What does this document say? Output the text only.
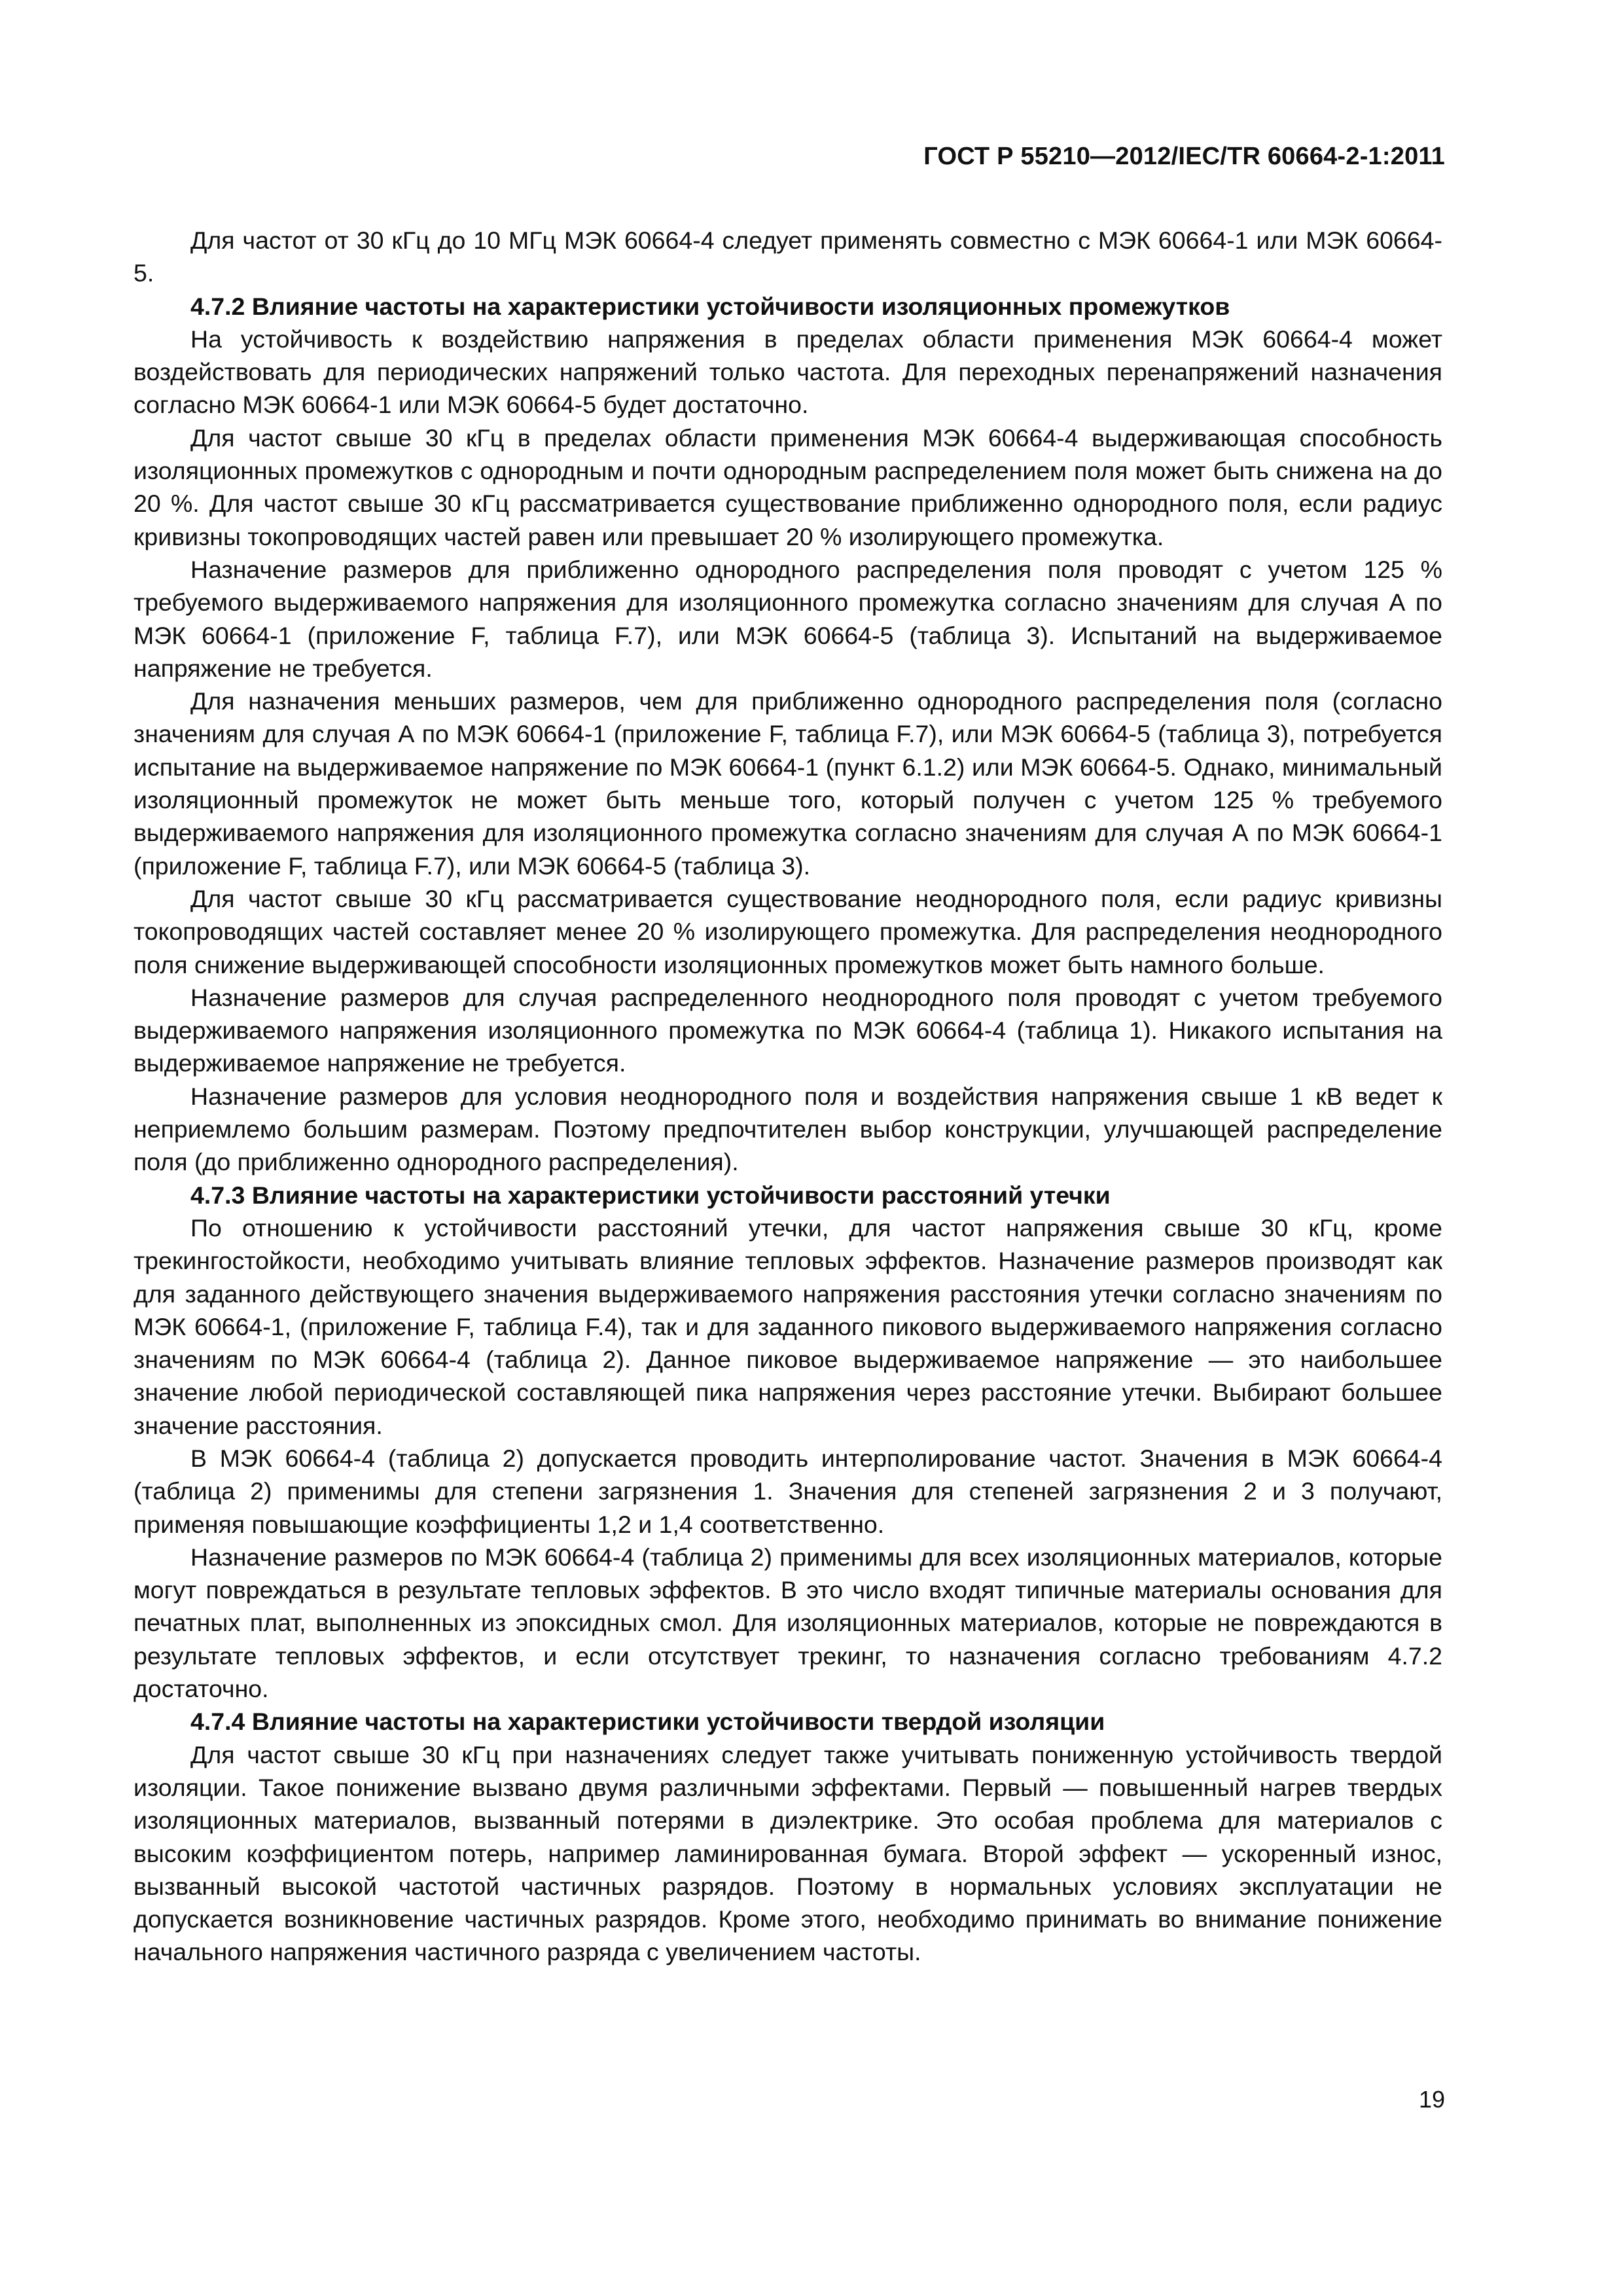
ГОСТ Р 55210—2012/IEC/TR 60664-2-1:2011

Для частот от 30 кГц до 10 МГц МЭК 60664-4 следует применять совместно с МЭК 60664-1 или МЭК 60664-5.

4.7.2 Влияние частоты на характеристики устойчивости изоляционных промежутков

На устойчивость к воздействию напряжения в пределах области применения МЭК 60664-4 может воздействовать для периодических напряжений только частота. Для переходных перенапряжений назначения согласно МЭК 60664-1 или МЭК 60664-5 будет достаточно.

Для частот свыше 30 кГц в пределах области применения МЭК 60664-4 выдерживающая способность изоляционных промежутков с однородным и почти однородным распределением поля может быть снижена на до 20 %. Для частот свыше 30 кГц рассматривается существование приближенно однородного поля, если радиус кривизны токопроводящих частей равен или превышает 20 % изолирующего промежутка.

Назначение размеров для приближенно однородного распределения поля проводят с учетом 125 % требуемого выдерживаемого напряжения для изоляционного промежутка согласно значениям для случая А по МЭК 60664-1 (приложение F, таблица F.7), или МЭК 60664-5 (таблица 3). Испытаний на выдерживаемое напряжение не требуется.

Для назначения меньших размеров, чем для приближенно однородного распределения поля (согласно значениям для случая А по МЭК 60664-1 (приложение F, таблица F.7), или МЭК 60664-5 (таблица 3), потребуется испытание на выдерживаемое напряжение по МЭК 60664-1 (пункт 6.1.2) или МЭК 60664-5. Однако, минимальный изоляционный промежуток не может быть меньше того, который получен с учетом 125 % требуемого выдерживаемого напряжения для изоляционного промежутка согласно значениям для случая А по МЭК 60664-1 (приложение F, таблица F.7), или МЭК 60664-5 (таблица 3).

Для частот свыше 30 кГц рассматривается существование неоднородного поля, если радиус кривизны токопроводящих частей составляет менее 20 % изолирующего промежутка. Для распределения неоднородного поля снижение выдерживающей способности изоляционных промежутков может быть намного больше.

Назначение размеров для случая распределенного неоднородного поля проводят с учетом требуемого выдерживаемого напряжения изоляционного промежутка по МЭК 60664-4 (таблица 1). Никакого испытания на выдерживаемое напряжение не требуется.

Назначение размеров для условия неоднородного поля и воздействия напряжения свыше 1 кВ ведет к неприемлемо большим размерам. Поэтому предпочтителен выбор конструкции, улучшающей распределение поля (до приближенно однородного распределения).

4.7.3 Влияние частоты на характеристики устойчивости расстояний утечки

По отношению к устойчивости расстояний утечки, для частот напряжения свыше 30 кГц, кроме трекингостойкости, необходимо учитывать влияние тепловых эффектов. Назначение размеров производят как для заданного действующего значения выдерживаемого напряжения расстояния утечки согласно значениям по МЭК 60664-1, (приложение F, таблица F.4), так и для заданного пикового выдерживаемого напряжения согласно значениям по МЭК 60664-4 (таблица 2). Данное пиковое выдерживаемое напряжение — это наибольшее значение любой периодической составляющей пика напряжения через расстояние утечки. Выбирают большее значение расстояния.

В МЭК 60664-4 (таблица 2) допускается проводить интерполирование частот. Значения в МЭК 60664-4 (таблица 2) применимы для степени загрязнения 1. Значения для степеней загрязнения 2 и 3 получают, применяя повышающие коэффициенты 1,2 и 1,4 соответственно.

Назначение размеров по МЭК 60664-4 (таблица 2) применимы для всех изоляционных материалов, которые могут повреждаться в результате тепловых эффектов. В это число входят типичные материалы основания для печатных плат, выполненных из эпоксидных смол. Для изоляционных материалов, которые не повреждаются в результате тепловых эффектов, и если отсутствует трекинг, то назначения согласно требованиям 4.7.2 достаточно.

4.7.4 Влияние частоты на характеристики устойчивости твердой изоляции

Для частот свыше 30 кГц при назначениях следует также учитывать пониженную устойчивость твердой изоляции. Такое понижение вызвано двумя различными эффектами. Первый — повышенный нагрев твердых изоляционных материалов, вызванный потерями в диэлектрике. Это особая проблема для материалов с высоким коэффициентом потерь, например ламинированная бумага. Второй эффект — ускоренный износ, вызванный высокой частотой частичных разрядов. Поэтому в нормальных условиях эксплуатации не допускается возникновение частичных разрядов. Кроме этого, необходимо принимать во внимание понижение начального напряжения частичного разряда с увеличением частоты.

19
